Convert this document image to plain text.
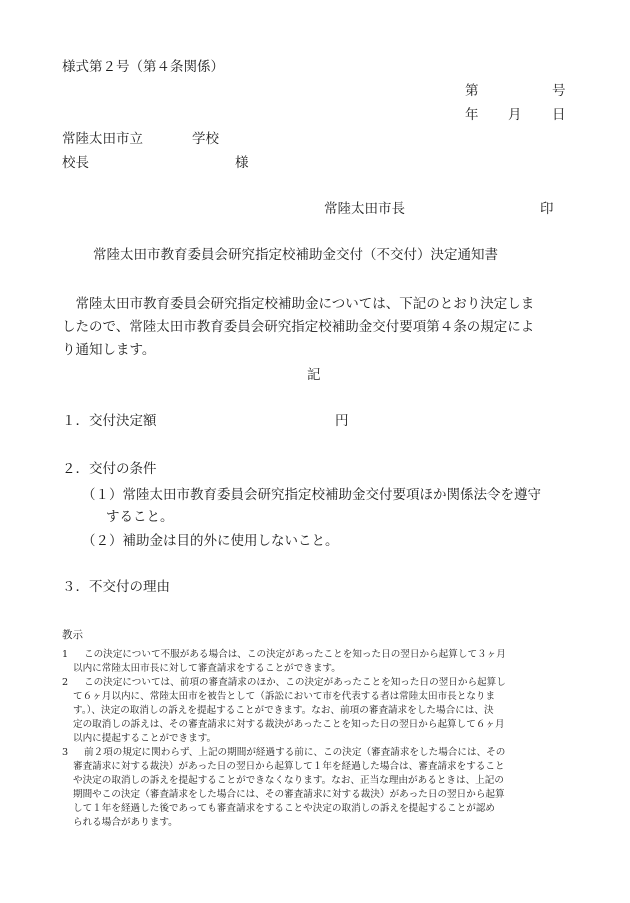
様式第２号（第４条関係）
第	号
年 月 日
常陸太田市立	学校
校長	様
常陸太田市長	印
常陸太田市教育委員会研究指定校補助金交付（不交付）決定通知書
　常陸太田市教育委員会研究指定校補助金については、下記のとおり決定しま
したので、常陸太田市教育委員会研究指定校補助金交付要項第４条の規定によ
り通知します。
記
１．交付決定額	円
２．交付の条件
（１）常陸太田市教育委員会研究指定校補助金交付要項ほか関係法令を遵守
すること。
（２）補助金は目的外に使用しないこと。
３．不交付の理由
教示
1 この決定について不服がある場合は、この決定があったことを知った日の翌日から起算して３ヶ月
以内に常陸太田市長に対して審査請求をすることができます。
2 この決定については、前項の審査請求のほか、この決定があったことを知った日の翌日から起算し
て６ヶ月以内に、常陸太田市を被告として（訴訟において市を代表する者は常陸太田市長となりま
す。）、決定の取消しの訴えを提起することができます。なお、前項の審査請求をした場合には、決
定の取消しの訴えは、その審査請求に対する裁決があったことを知った日の翌日から起算して６ヶ月
以内に提起することができます。
3 前２項の規定に関わらず、上記の期間が経過する前に、この決定（審査請求をした場合には、その
審査請求に対する裁決）があった日の翌日から起算して１年を経過した場合は、審査請求をすること
や決定の取消しの訴えを提起することができなくなります。なお、正当な理由があるときは、上記の
期間やこの決定（審査請求をした場合には、その審査請求に対する裁決）があった日の翌日から起算
して１年を経過した後であっても審査請求をすることや決定の取消しの訴えを提起することが認め
られる場合があります。
